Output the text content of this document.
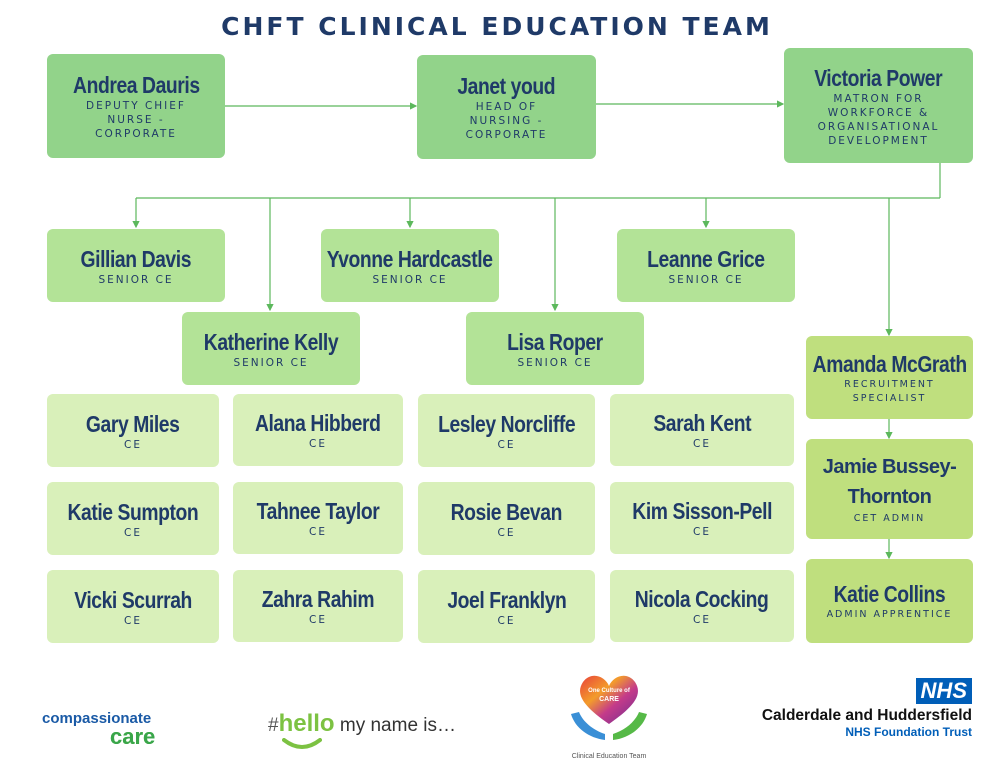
CHFT CLINICAL EDUCATION TEAM
Andrea Dauris
DEPUTY CHIEF NURSE - CORPORATE
Janet youd
HEAD OF NURSING - CORPORATE
Victoria Power
MATRON FOR WORKFORCE & ORGANISATIONAL DEVELOPMENT
Gillian Davis
SENIOR CE
Yvonne Hardcastle
SENIOR CE
Leanne Grice
SENIOR CE
Katherine Kelly
SENIOR CE
Lisa Roper
SENIOR CE
Gary Miles
CE
Alana Hibberd
CE
Lesley Norcliffe
CE
Sarah Kent
CE
Katie Sumpton
CE
Tahnee Taylor
CE
Rosie Bevan
CE
Kim Sisson-Pell
CE
Vicki Scurrah
CE
Zahra Rahim
CE
Joel Franklyn
CE
Nicola Cocking
CE
Amanda McGrath
RECRUITMENT SPECIALIST
Jamie Bussey-Thornton
CET ADMIN
Katie Collins
ADMIN APPRENTICE
compassionate
care	#hello my name is…
One Culture of
CARE
Clinical Education Team
NHS
Calderdale and Huddersfield
NHS Foundation Trust
